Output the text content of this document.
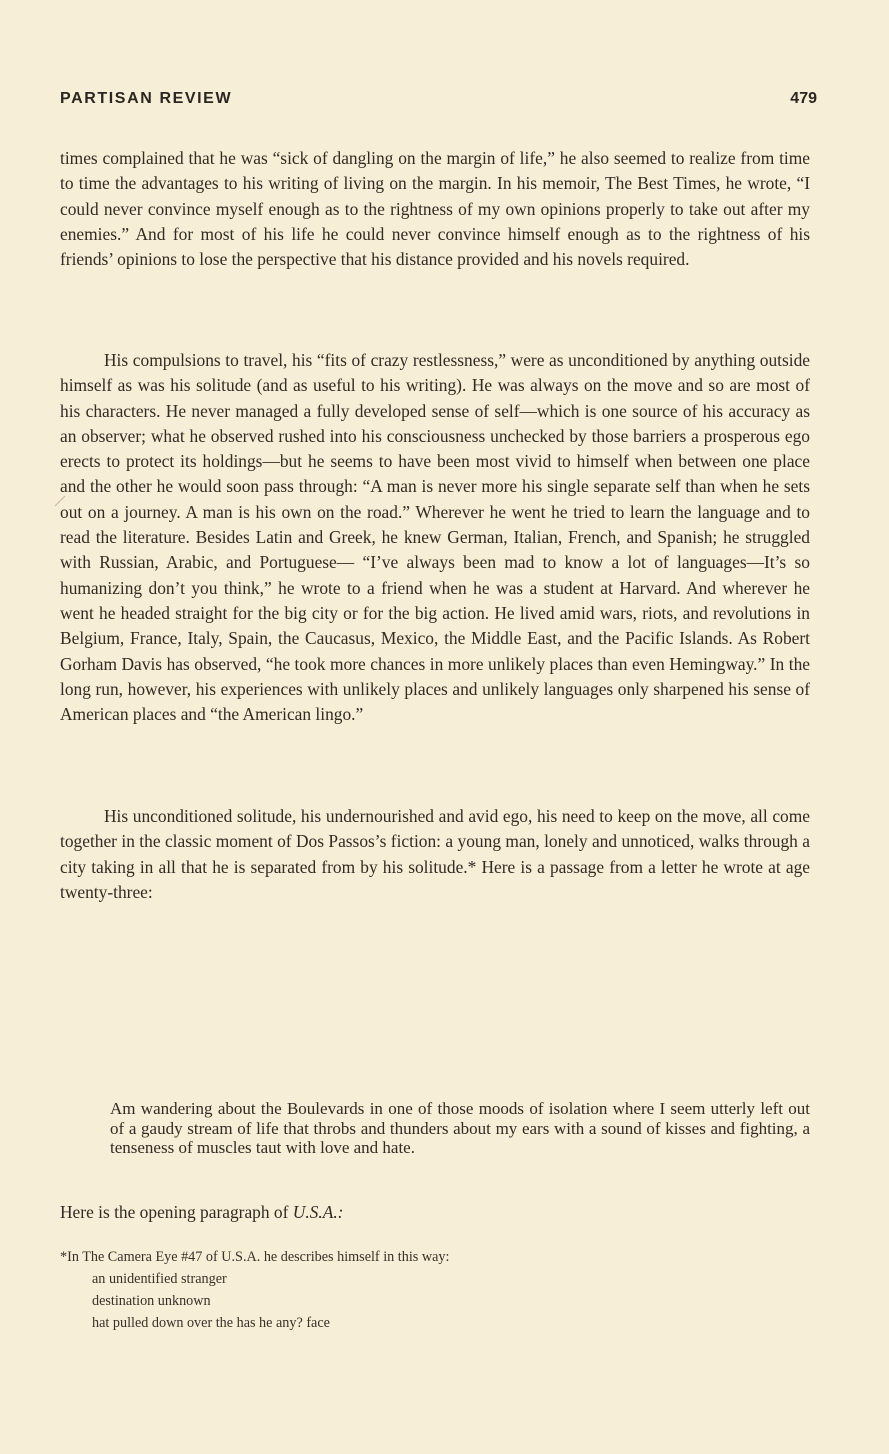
PARTISAN REVIEW	479

times complained that he was “sick of dangling on the margin of life,” he also seemed to realize from time to time the advantages to his writing of living on the margin. In his memoir, The Best Times, he wrote, “I could never convince myself enough as to the rightness of my own opinions properly to take out after my enemies.” And for most of his life he could never convince himself enough as to the rightness of his friends’ opinions to lose the perspective that his distance provided and his novels required.

His compulsions to travel, his “fits of crazy restlessness,” were as unconditioned by anything outside himself as was his solitude (and as useful to his writing). He was always on the move and so are most of his characters. He never managed a fully developed sense of self—which is one source of his accuracy as an observer; what he observed rushed into his consciousness unchecked by those barriers a prosperous ego erects to protect its holdings—but he seems to have been most vivid to himself when between one place and the other he would soon pass through: “A man is never more his single separate self than when he sets out on a journey. A man is his own on the road.” Wherever he went he tried to learn the language and to read the literature. Besides Latin and Greek, he knew German, Italian, French, and Spanish; he struggled with Russian, Arabic, and Portuguese— “I’ve always been mad to know a lot of languages—It’s so humanizing don’t you think,” he wrote to a friend when he was a student at Harvard. And wherever he went he headed straight for the big city or for the big action. He lived amid wars, riots, and revolutions in Belgium, France, Italy, Spain, the Caucasus, Mexico, the Middle East, and the Pacific Islands. As Robert Gorham Davis has observed, “he took more chances in more unlikely places than even Hemingway.” In the long run, however, his experiences with unlikely places and unlikely languages only sharpened his sense of American places and “the American lingo.”

His unconditioned solitude, his undernourished and avid ego, his need to keep on the move, all come together in the classic moment of Dos Passos’s fiction: a young man, lonely and unnoticed, walks through a city taking in all that he is separated from by his solitude.* Here is a passage from a letter he wrote at age twenty-three:

Am wandering about the Boulevards in one of those moods of isolation where I seem utterly left out of a gaudy stream of life that throbs and thunders about my ears with a sound of kisses and fighting, a tenseness of muscles taut with love and hate.

Here is the opening paragraph of U.S.A.:

*In The Camera Eye #47 of U.S.A. he describes himself in this way:
an unidentified stranger
destination unknown
hat pulled down over the has he any? face
